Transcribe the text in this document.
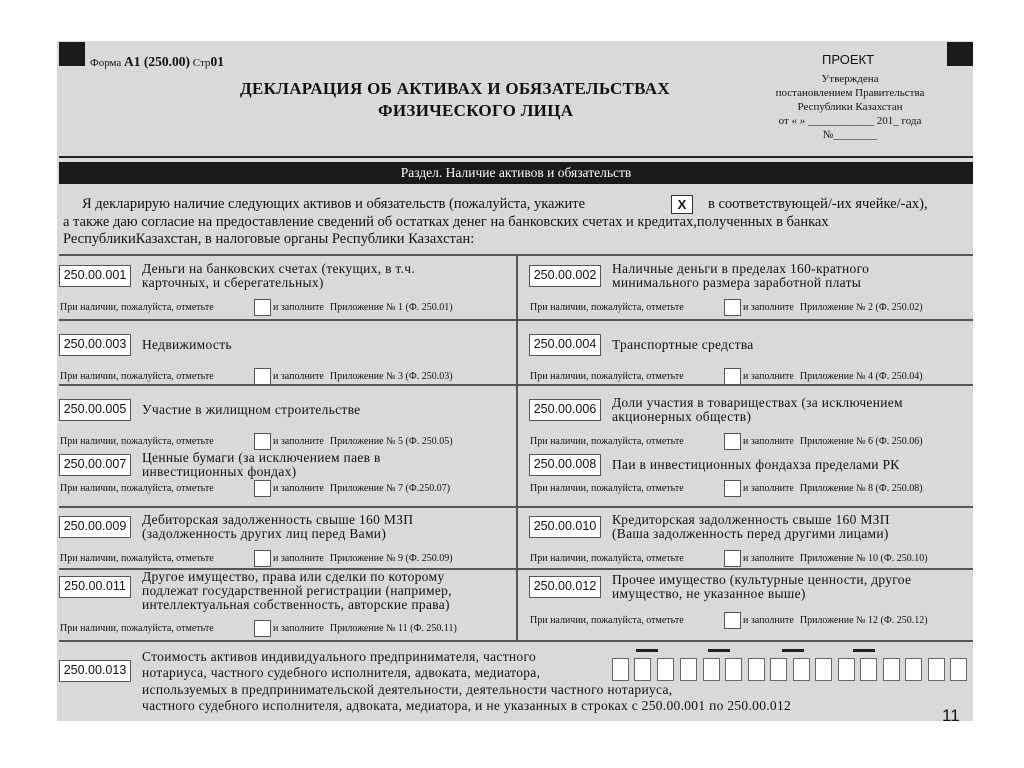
Форма А1 (250.00) Стр01	ПРОЕКТ
ДЕКЛАРАЦИЯ ОБ АКТИВАХ И ОБЯЗАТЕЛЬСТВАХ
ФИЗИЧЕСКОГО ЛИЦА
Утверждена
постановлением Правительства
Республики Казахстан
от « » ____________ 201_ года
№________
Раздел. Наличие активов и обязательств
Я декларирую наличие следующих активов и обязательств (пожалуйста, укажите	X	в соответствующей/-их ячейке/-ах),
а также даю согласие на предоставление сведений об остатках денег на банковских счетах и кредитах,полученных в банках
РеспубликиКазахстан, в налоговые органы Республики Казахстан:
250.00.001	Деньги на банковских счетах (текущих, в т.ч.
карточных, и сберегательных)
При наличии, пожалуйста, отметьте	и заполните Приложение № 1 (Ф. 250.01)
250.00.002	Наличные деньги в пределах 160-кратного
минимального размера заработной платы
При наличии, пожалуйста, отметьте	и заполните Приложение № 2 (Ф. 250.02)
250.00.003	Недвижимость
При наличии, пожалуйста, отметьте	и заполните Приложение № 3 (Ф. 250.03)
250.00.004	Транспортные средства
При наличии, пожалуйста, отметьте	и заполните Приложение № 4 (Ф. 250.04)
250.00.005	Участие в жилищном строительстве
При наличии, пожалуйста, отметьте	и заполните Приложение № 5 (Ф. 250.05)
250.00.006	Доли участия в товариществах (за исключением
акционерных обществ)
При наличии, пожалуйста, отметьте	и заполните Приложение № 6 (Ф. 250.06)
250.00.007	Ценные бумаги (за исключением паев в
инвестиционных фондах)
При наличии, пожалуйста, отметьте	и заполните Приложение № 7 (Ф.250.07)
250.00.008	Паи в инвестиционных фондахза пределами РК
При наличии, пожалуйста, отметьте	и заполните Приложение № 8 (Ф. 250.08)
250.00.009	Дебиторская задолженность свыше 160 МЗП
(задолженность других лиц перед Вами)
При наличии, пожалуйста, отметьте	и заполните Приложение № 9 (Ф. 250.09)
250.00.010	Кредиторская задолженность свыше 160 МЗП
(Ваша задолженность перед другими лицами)
При наличии, пожалуйста, отметьте	и заполните Приложение № 10 (Ф. 250.10)
250.00.011
Другое имущество, права или сделки по которому
подлежат государственной регистрации (например,
интеллектуальная собственность, авторские права)
При наличии, пожалуйста, отметьте	и заполните Приложение № 11 (Ф. 250.11)
250.00.012	Прочее имущество (культурные ценности, другое
имущество, не указанное выше)
При наличии, пожалуйста, отметьте	и заполните Приложение № 12 (Ф. 250.12)
250.00.013
Стоимость активов индивидуального предпринимателя, частного
нотариуса, частного судебного исполнителя, адвоката, медиатора,
используемых в предпринимательской деятельности, деятельности частного нотариуса,
частного судебного исполнителя, адвоката, медиатора, и не указанных в строках с 250.00.001 по 250.00.012
11
